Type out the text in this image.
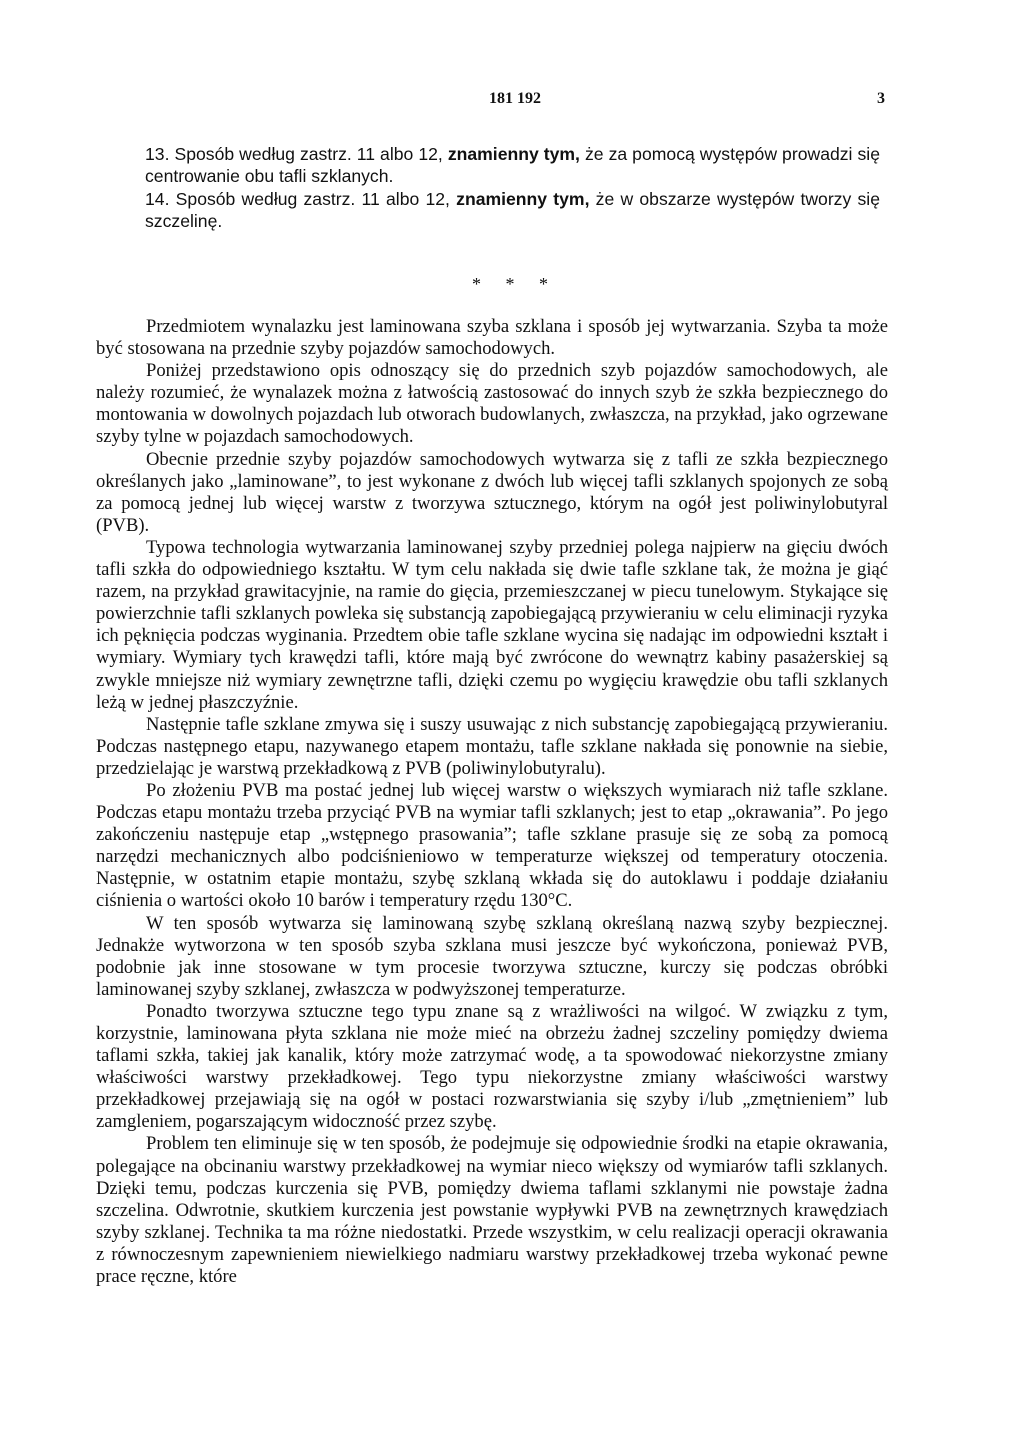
181 192	3

13. Sposób według zastrz. 11 albo 12, znamienny tym, że za pomocą występów prowadzi się centrowanie obu tafli szklanych.

14. Sposób według zastrz. 11 albo 12, znamienny tym, że w obszarze występów tworzy się szczelinę.

* * *

Przedmiotem wynalazku jest laminowana szyba szklana i sposób jej wytwarzania. Szyba ta może być stosowana na przednie szyby pojazdów samochodowych.

Poniżej przedstawiono opis odnoszący się do przednich szyb pojazdów samochodowych, ale należy rozumieć, że wynalazek można z łatwością zastosować do innych szyb że szkła bezpiecznego do montowania w dowolnych pojazdach lub otworach budowlanych, zwłaszcza, na przykład, jako ogrzewane szyby tylne w pojazdach samochodowych.

Obecnie przednie szyby pojazdów samochodowych wytwarza się z tafli ze szkła bezpiecznego określanych jako „laminowane”, to jest wykonane z dwóch lub więcej tafli szklanych spojonych ze sobą za pomocą jednej lub więcej warstw z tworzywa sztucznego, którym na ogół jest poliwinylobutyral (PVB).

Typowa technologia wytwarzania laminowanej szyby przedniej polega najpierw na gięciu dwóch tafli szkła do odpowiedniego kształtu. W tym celu nakłada się dwie tafle szklane tak, że można je giąć razem, na przykład grawitacyjnie, na ramie do gięcia, przemieszczanej w piecu tunelowym. Stykające się powierzchnie tafli szklanych powleka się substancją zapobiegającą przywieraniu w celu eliminacji ryzyka ich pęknięcia podczas wyginania. Przedtem obie tafle szklane wycina się nadając im odpowiedni kształt i wymiary. Wymiary tych krawędzi tafli, które mają być zwrócone do wewnątrz kabiny pasażerskiej są zwykle mniejsze niż wymiary zewnętrzne tafli, dzięki czemu po wygięciu krawędzie obu tafli szklanych leżą w jednej płaszczyźnie.

Następnie tafle szklane zmywa się i suszy usuwając z nich substancję zapobiegającą przywieraniu. Podczas następnego etapu, nazywanego etapem montażu, tafle szklane nakłada się ponownie na siebie, przedzielając je warstwą przekładkową z PVB (poliwinylobutyralu).

Po złożeniu PVB ma postać jednej lub więcej warstw o większych wymiarach niż tafle szklane. Podczas etapu montażu trzeba przyciąć PVB na wymiar tafli szklanych; jest to etap „okrawania”. Po jego zakończeniu następuje etap „wstępnego prasowania”; tafle szklane prasuje się ze sobą za pomocą narzędzi mechanicznych albo podciśnieniowo w temperaturze większej od temperatury otoczenia. Następnie, w ostatnim etapie montażu, szybę szklaną wkłada się do autoklawu i poddaje działaniu ciśnienia o wartości około 10 barów i temperatury rzędu 130°C.

W ten sposób wytwarza się laminowaną szybę szklaną określaną nazwą szyby bezpiecznej. Jednakże wytworzona w ten sposób szyba szklana musi jeszcze być wykończona, ponieważ PVB, podobnie jak inne stosowane w tym procesie tworzywa sztuczne, kurczy się podczas obróbki laminowanej szyby szklanej, zwłaszcza w podwyższonej temperaturze.

Ponadto tworzywa sztuczne tego typu znane są z wrażliwości na wilgoć. W związku z tym, korzystnie, laminowana płyta szklana nie może mieć na obrzeżu żadnej szczeliny pomiędzy dwiema taflami szkła, takiej jak kanalik, który może zatrzymać wodę, a ta spowodować niekorzystne zmiany właściwości warstwy przekładkowej. Tego typu niekorzystne zmiany właściwości warstwy przekładkowej przejawiają się na ogół w postaci rozwarstwiania się szyby i/lub „zmętnieniem” lub zamgleniem, pogarszającym widoczność przez szybę.

Problem ten eliminuje się w ten sposób, że podejmuje się odpowiednie środki na etapie okrawania, polegające na obcinaniu warstwy przekładkowej na wymiar nieco większy od wymiarów tafli szklanych. Dzięki temu, podczas kurczenia się PVB, pomiędzy dwiema taflami szklanymi nie powstaje żadna szczelina. Odwrotnie, skutkiem kurczenia jest powstanie wypływki PVB na zewnętrznych krawędziach szyby szklanej. Technika ta ma różne niedostatki. Przede wszystkim, w celu realizacji operacji okrawania z równoczesnym zapewnieniem niewielkiego nadmiaru warstwy przekładkowej trzeba wykonać pewne prace ręczne, które
